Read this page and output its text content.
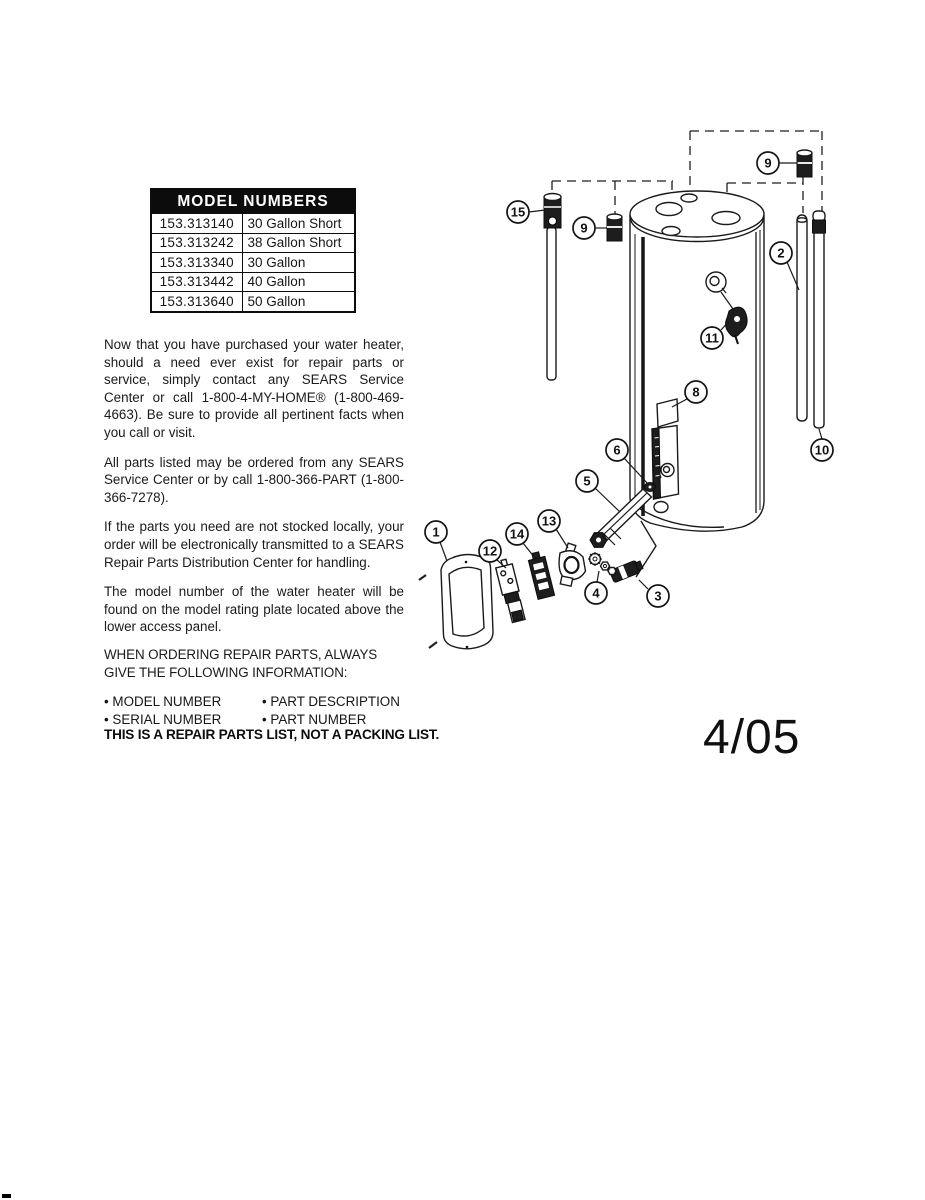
MODEL NUMBERS	
153.313140	30 Gallon Short
153.313242	38 Gallon Short
153.313340	30 Gallon
153.313442	40 Gallon
153.313640	50 Gallon

Now that you have purchased your water heater, should a need ever exist for repair parts or service, simply contact any SEARS Service Center or call 1-800-4-MY-HOME® (1-800-469-4663). Be sure to provide all pertinent facts when you call or visit.

All parts listed may be ordered from any SEARS Service Center or by call 1-800-366-PART (1-800-366-7278).

If the parts you need are not stocked locally, your order will be electronically transmitted to a SEARS Repair Parts Distribution Center for handling.

The model number of the water heater will be found on the model rating plate located above the lower access panel.

WHEN ORDERING REPAIR PARTS, ALWAYS GIVE THE FOLLOWING INFORMATION:

• MODEL NUMBER
• SERIAL NUMBER
• PART DESCRIPTION
• PART NUMBER
THIS IS A REPAIR PARTS LIST, NOT A PACKING LIST.	4/05
15
9
9
2
11
8
6	10
5
13
14
12
1
4	3
